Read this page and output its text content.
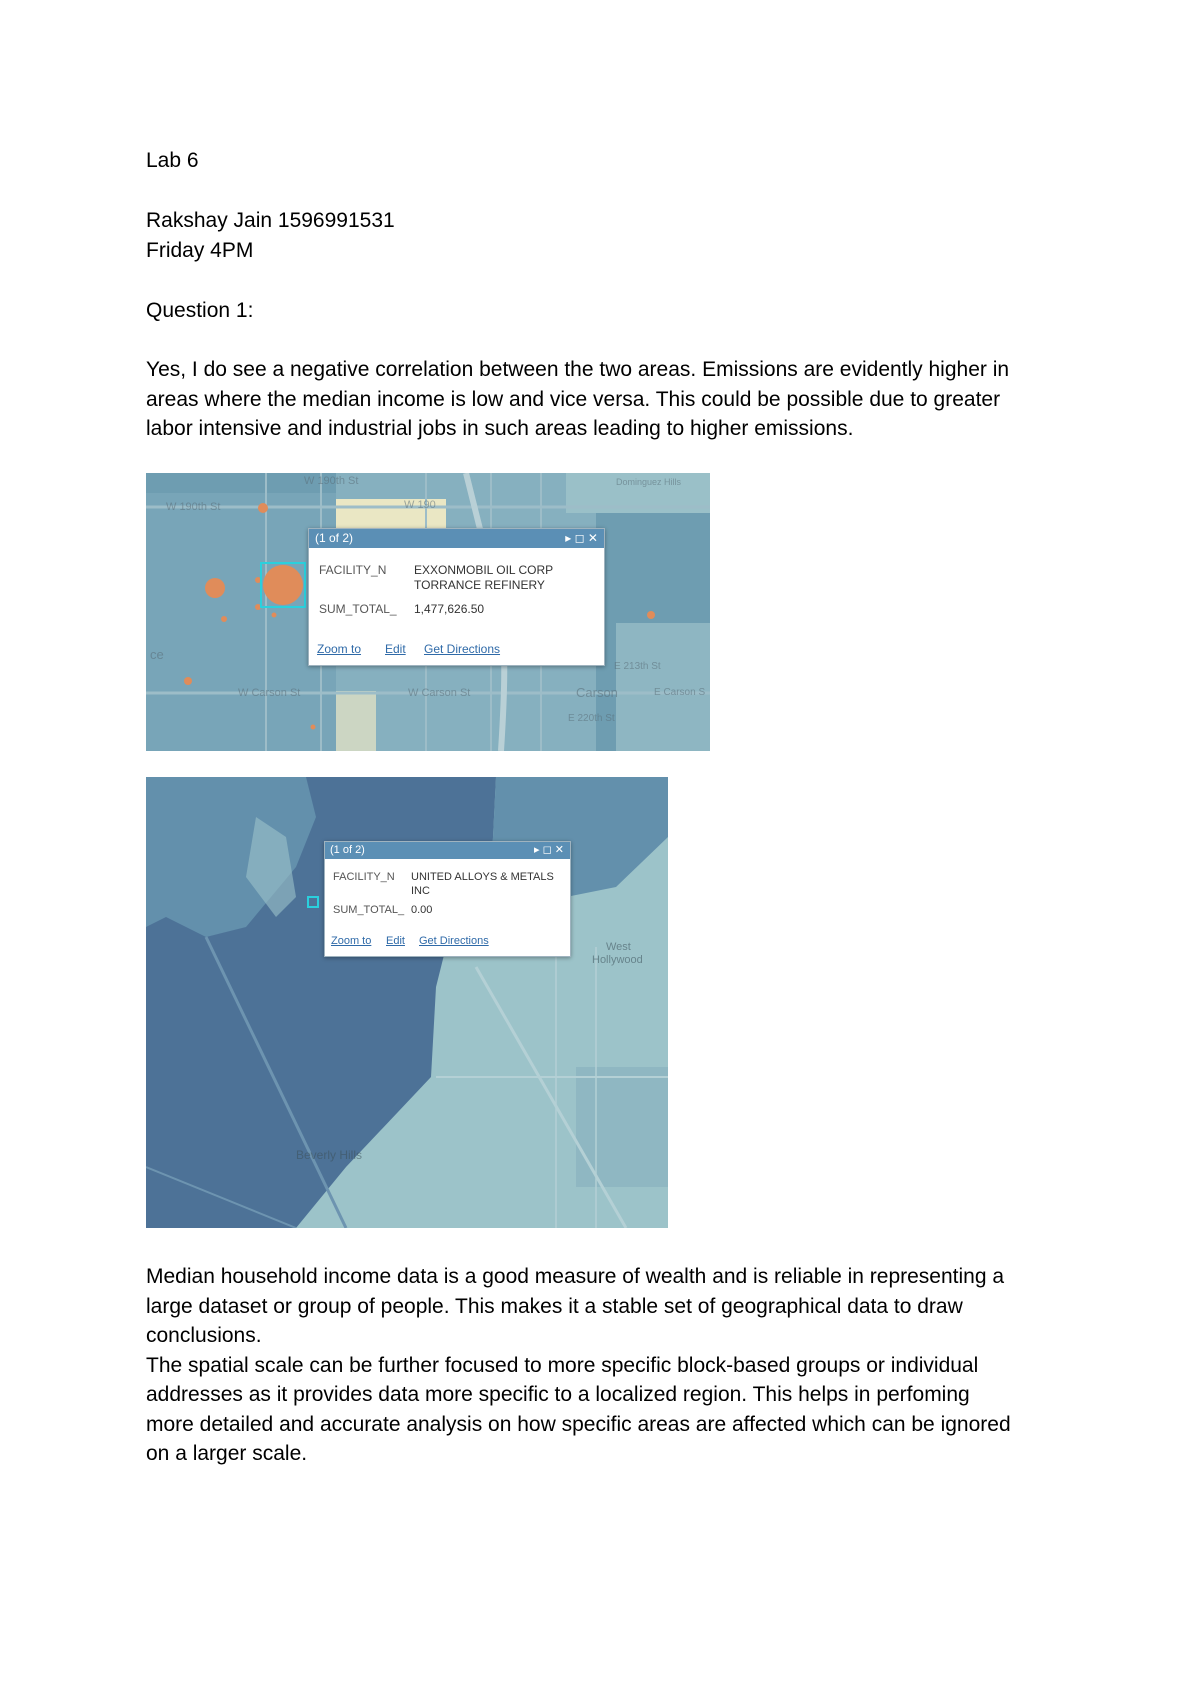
Lab 6
Rakshay Jain 1596991531
Friday 4PM
Question 1:
Yes, I do see a negative correlation between the two areas. Emissions are evidently higher in
areas where the median income is low and vice versa. This could be possible due to greater
labor intensive and industrial jobs in such areas leading to higher emissions.
W 190th St
W 190th St	W 190
ce
W Carson St	W Carson St	Carson	E Carson S
E 213th St
E 220th St
Dominguez Hills
(1 of 2)	▸ ◻ ✕
FACILITY_N EXXONMOBIL OIL CORP
TORRANCE REFINERY
SUM_TOTAL_ 1,477,626.50
Zoom to Edit Get Directions
West
Hollywood
Beverly Hills
(1 of 2)	▸ ◻ ✕
FACILITY_N UNITED ALLOYS & METALS
INC
SUM_TOTAL_ 0.00
Zoom to Edit Get Directions
Median household income data is a good measure of wealth and is reliable in representing a
large dataset or group of people. This makes it a stable set of geographical data to draw
conclusions.
The spatial scale can be further focused to more specific block-based groups or individual
addresses as it provides data more specific to a localized region. This helps in perfoming
more detailed and accurate analysis on how specific areas are affected which can be ignored
on a larger scale.
